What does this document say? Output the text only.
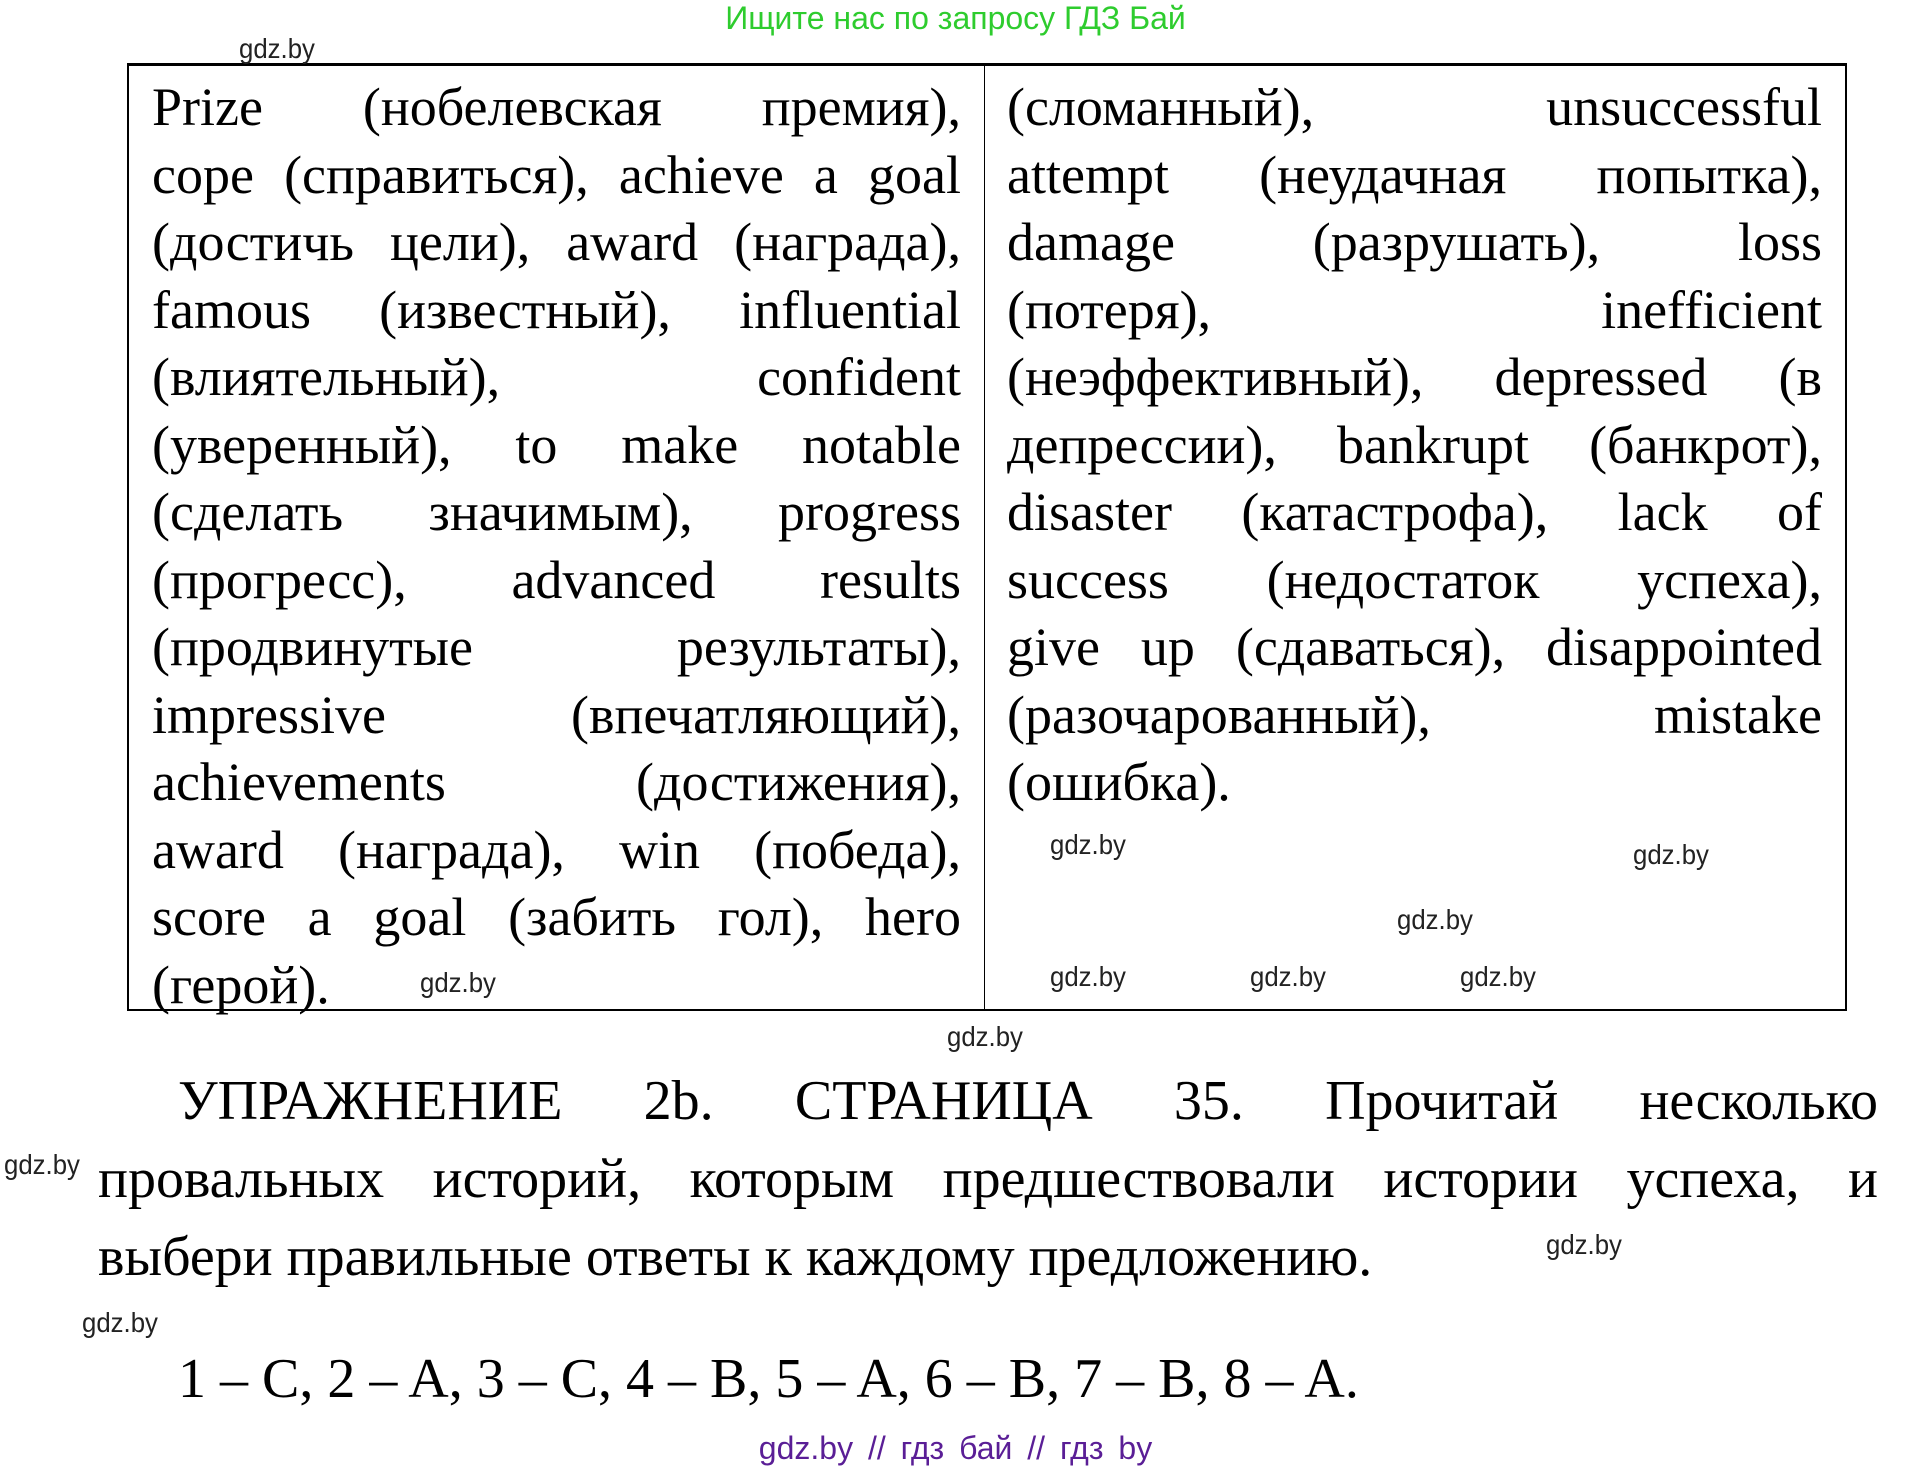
Ищите нас по запросу ГДЗ Бай
Prize (нобелевская премия),
cope (справиться), achieve a goal
(достичь цели), award (награда),
famous (известный), influential
(влиятельный), confident
(уверенный), to make notable
(сделать значимым), progress
(прогресс), advanced results
(продвинутые результаты),
impressive (впечатляющий),
achievements (достижения),
award (награда), win (победа),
score a goal (забить гол), hero
(герой).
(сломанный), unsuccessful
attempt (неудачная попытка),
damage (разрушать), loss
(потеря), inefficient
(неэффективный), depressed (в
депрессии), bankrupt (банкрот),
disaster (катастрофа), lack of
success (недостаток успеха),
give up (сдаваться), disappointed
(разочарованный), mistake
(ошибка).
УПРАЖНЕНИЕ 2b. СТРАНИЦА 35. Прочитай несколько
провальных историй, которым предшествовали истории успеха, и
выбери правильные ответы к каждому предложению.
1 – C, 2 – A, 3 – C, 4 – B, 5 – A, 6 – B, 7 – B, 8 – A.
gdz.by // гдз бай // гдз by
gdz.by
gdz.by
gdz.by
gdz.by	gdz.by	gdz.by
gdz.by
gdz.by
gdz.by
gdz.by
gdz.by
gdz.by
